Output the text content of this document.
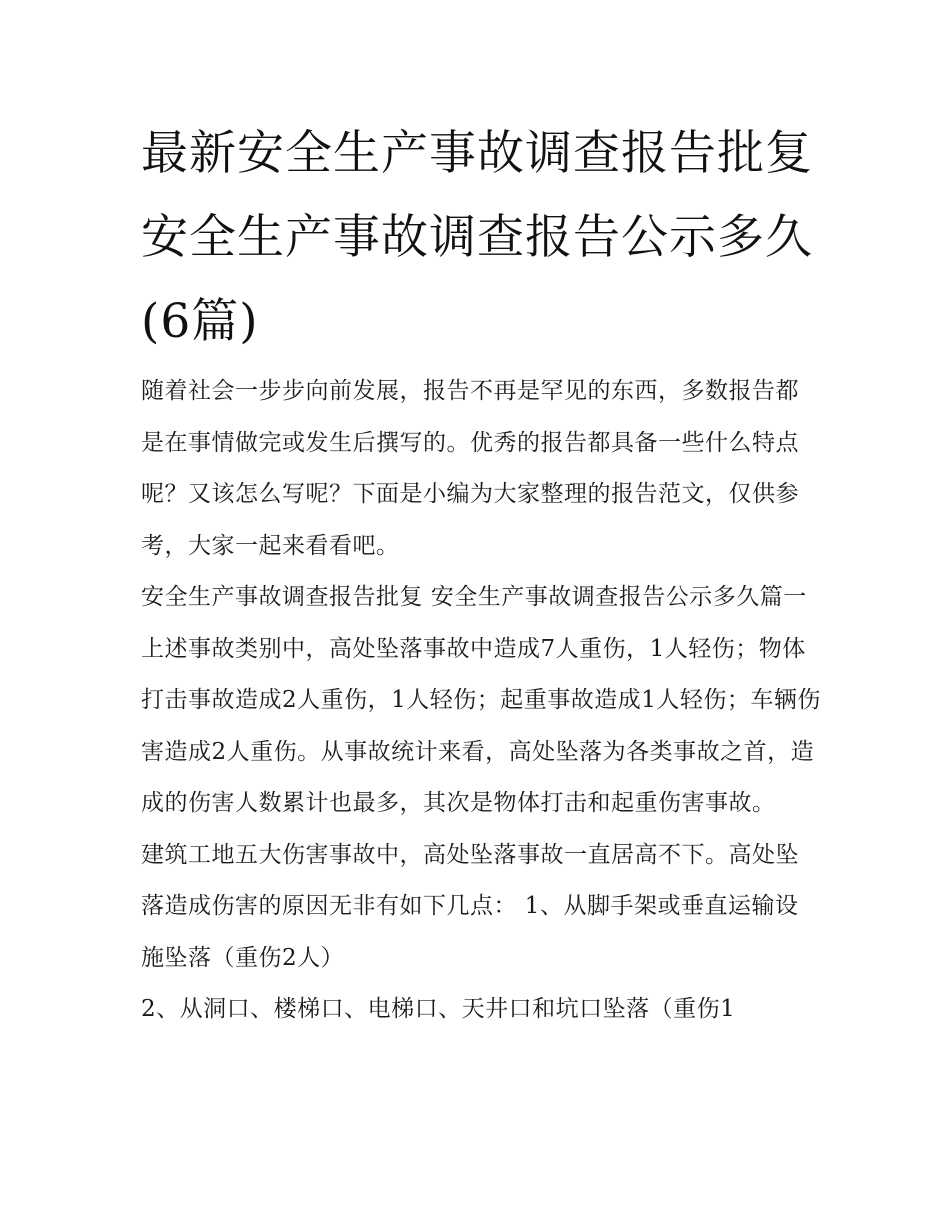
最新安全生产事故调查报告批复 安全生产事故调查报告公示多久(6篇)

随着社会一步步向前发展，报告不再是罕见的东西，多数报告都是在事情做完或发生后撰写的。优秀的报告都具备一些什么特点呢？又该怎么写呢？下面是小编为大家整理的报告范文，仅供参考，大家一起来看看吧。

安全生产事故调查报告批复 安全生产事故调查报告公示多久篇一

上述事故类别中，高处坠落事故中造成7人重伤，1人轻伤；物体打击事故造成2人重伤，1人轻伤；起重事故造成1人轻伤；车辆伤害造成2人重伤。从事故统计来看，高处坠落为各类事故之首，造成的伤害人数累计也最多，其次是物体打击和起重伤害事故。

建筑工地五大伤害事故中，高处坠落事故一直居高不下。高处坠落造成伤害的原因无非有如下几点： 1、从脚手架或垂直运输设施坠落（重伤2人）

2、从洞口、楼梯口、电梯口、天井口和坑口坠落（重伤1
